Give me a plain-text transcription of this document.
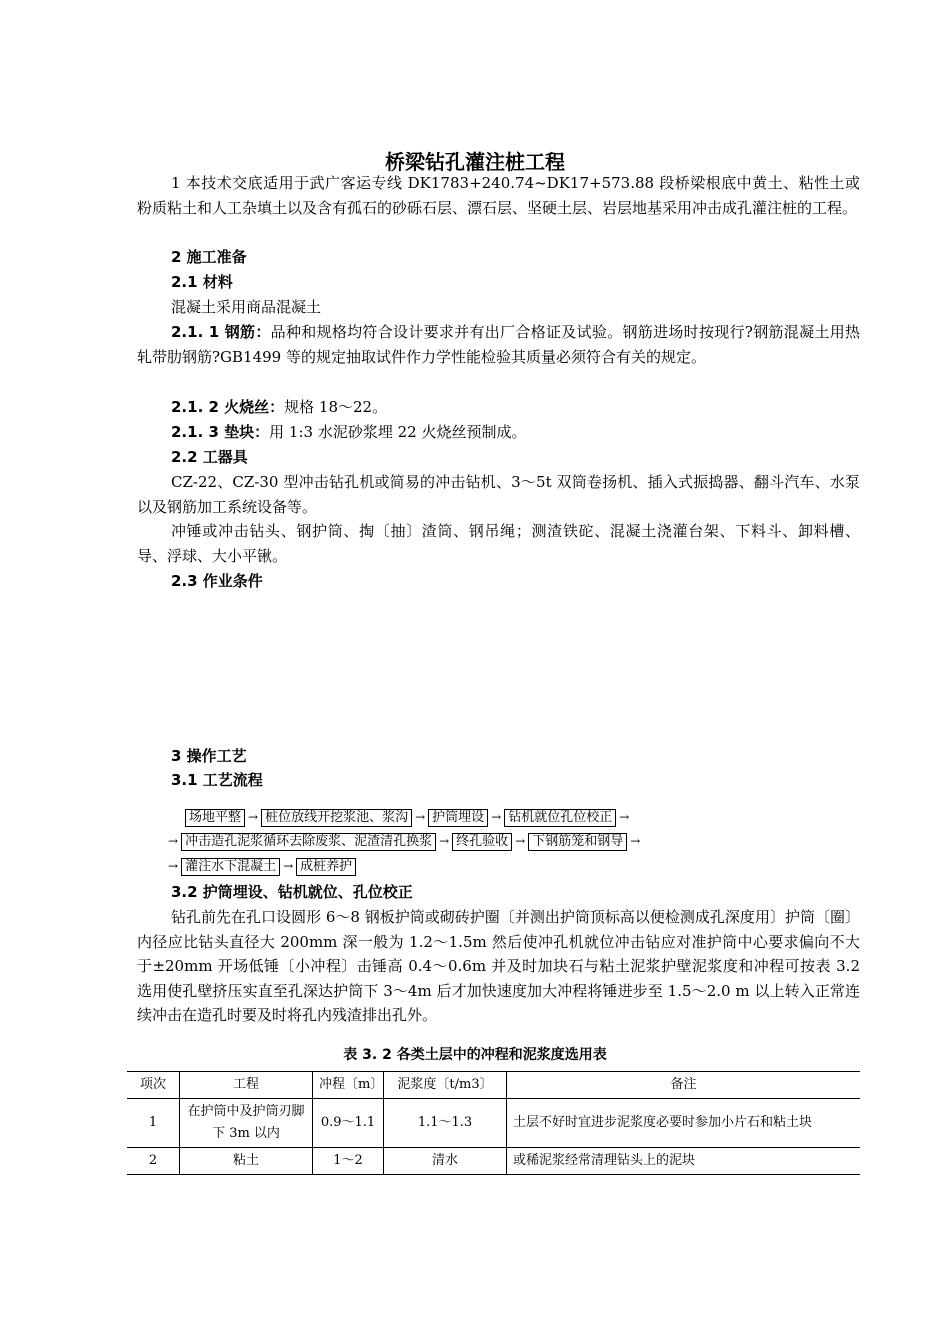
桥梁钻孔灌注桩工程
1 本技术交底适用于武广客运专线 DK1783+240.74~DK17+573.88 段桥梁根底中黄土、粘性土或粉质粘土和人工杂填土以及含有孤石的砂砾石层、漂石层、坚硬土层、岩层地基采用冲击成孔灌注桩的工程。
2 施工准备
2.1 材料
混凝土采用商品混凝土
2.1. 1 钢筋：品种和规格均符合设计要求并有出厂合格证及试验。钢筋进场时按现行?钢筋混凝土用热轧带肋钢筋?GB1499 等的规定抽取试件作力学性能检验其质量必须符合有关的规定。
2.1. 2 火烧丝：规格 18～22。
2.1. 3 垫块：用 1:3 水泥砂浆埋 22 火烧丝预制成。
2.2 工器具
CZ-22、CZ-30 型冲击钻孔机或简易的冲击钻机、3～5t 双筒卷扬机、插入式振捣器、翻斗汽车、水泵以及钢筋加工系统设备等。
冲锤或冲击钻头、钢护筒、掏〔抽〕渣筒、钢吊绳；测渣铁砣、混凝土浇灌台架、下料斗、卸料槽、导、浮球、大小平锹。
2.3 作业条件
3 操作工艺
3.1 工艺流程
场地平整 → 桩位放线开挖浆池、浆沟 → 护筒埋设 → 钻机就位孔位校正 →
→ 冲击造孔泥浆循环去除废浆、泥渣清孔换浆 → 终孔验收 → 下钢筋笼和钢导 →
→ 灌注水下混凝土 → 成桩养护
3.2 护筒埋设、钻机就位、孔位校正
钻孔前先在孔口设圆形 6～8 钢板护筒或砌砖护圈〔并测出护筒顶标高以便检测成孔深度用〕护筒〔圈〕内径应比钻头直径大 200mm 深一般为 1.2～1.5m 然后使冲孔机就位冲击钻应对准护筒中心要求偏向不大于±20mm 开场低锤〔小冲程〕击锤高 0.4～0.6m 并及时加块石与粘土泥浆护壁泥浆度和冲程可按表 3.2 选用使孔壁挤压实直至孔深达护筒下 3～4m 后才加快速度加大冲程将锤进步至 1.5～2.0 m 以上转入正常连续冲击在造孔时要及时将孔内残渣排出孔外。
表 3. 2 各类土层中的冲程和泥浆度选用表
项次	工程	冲程〔m〕	泥浆度〔t/m3〕	备注
1	在护筒中及护筒刃脚下 3m 以内	0.9～1.1	1.1～1.3	土层不好时宜进步泥浆度必要时参加小片石和粘土块
2	粘土	1～2	清水	或稀泥浆经常清理钻头上的泥块
